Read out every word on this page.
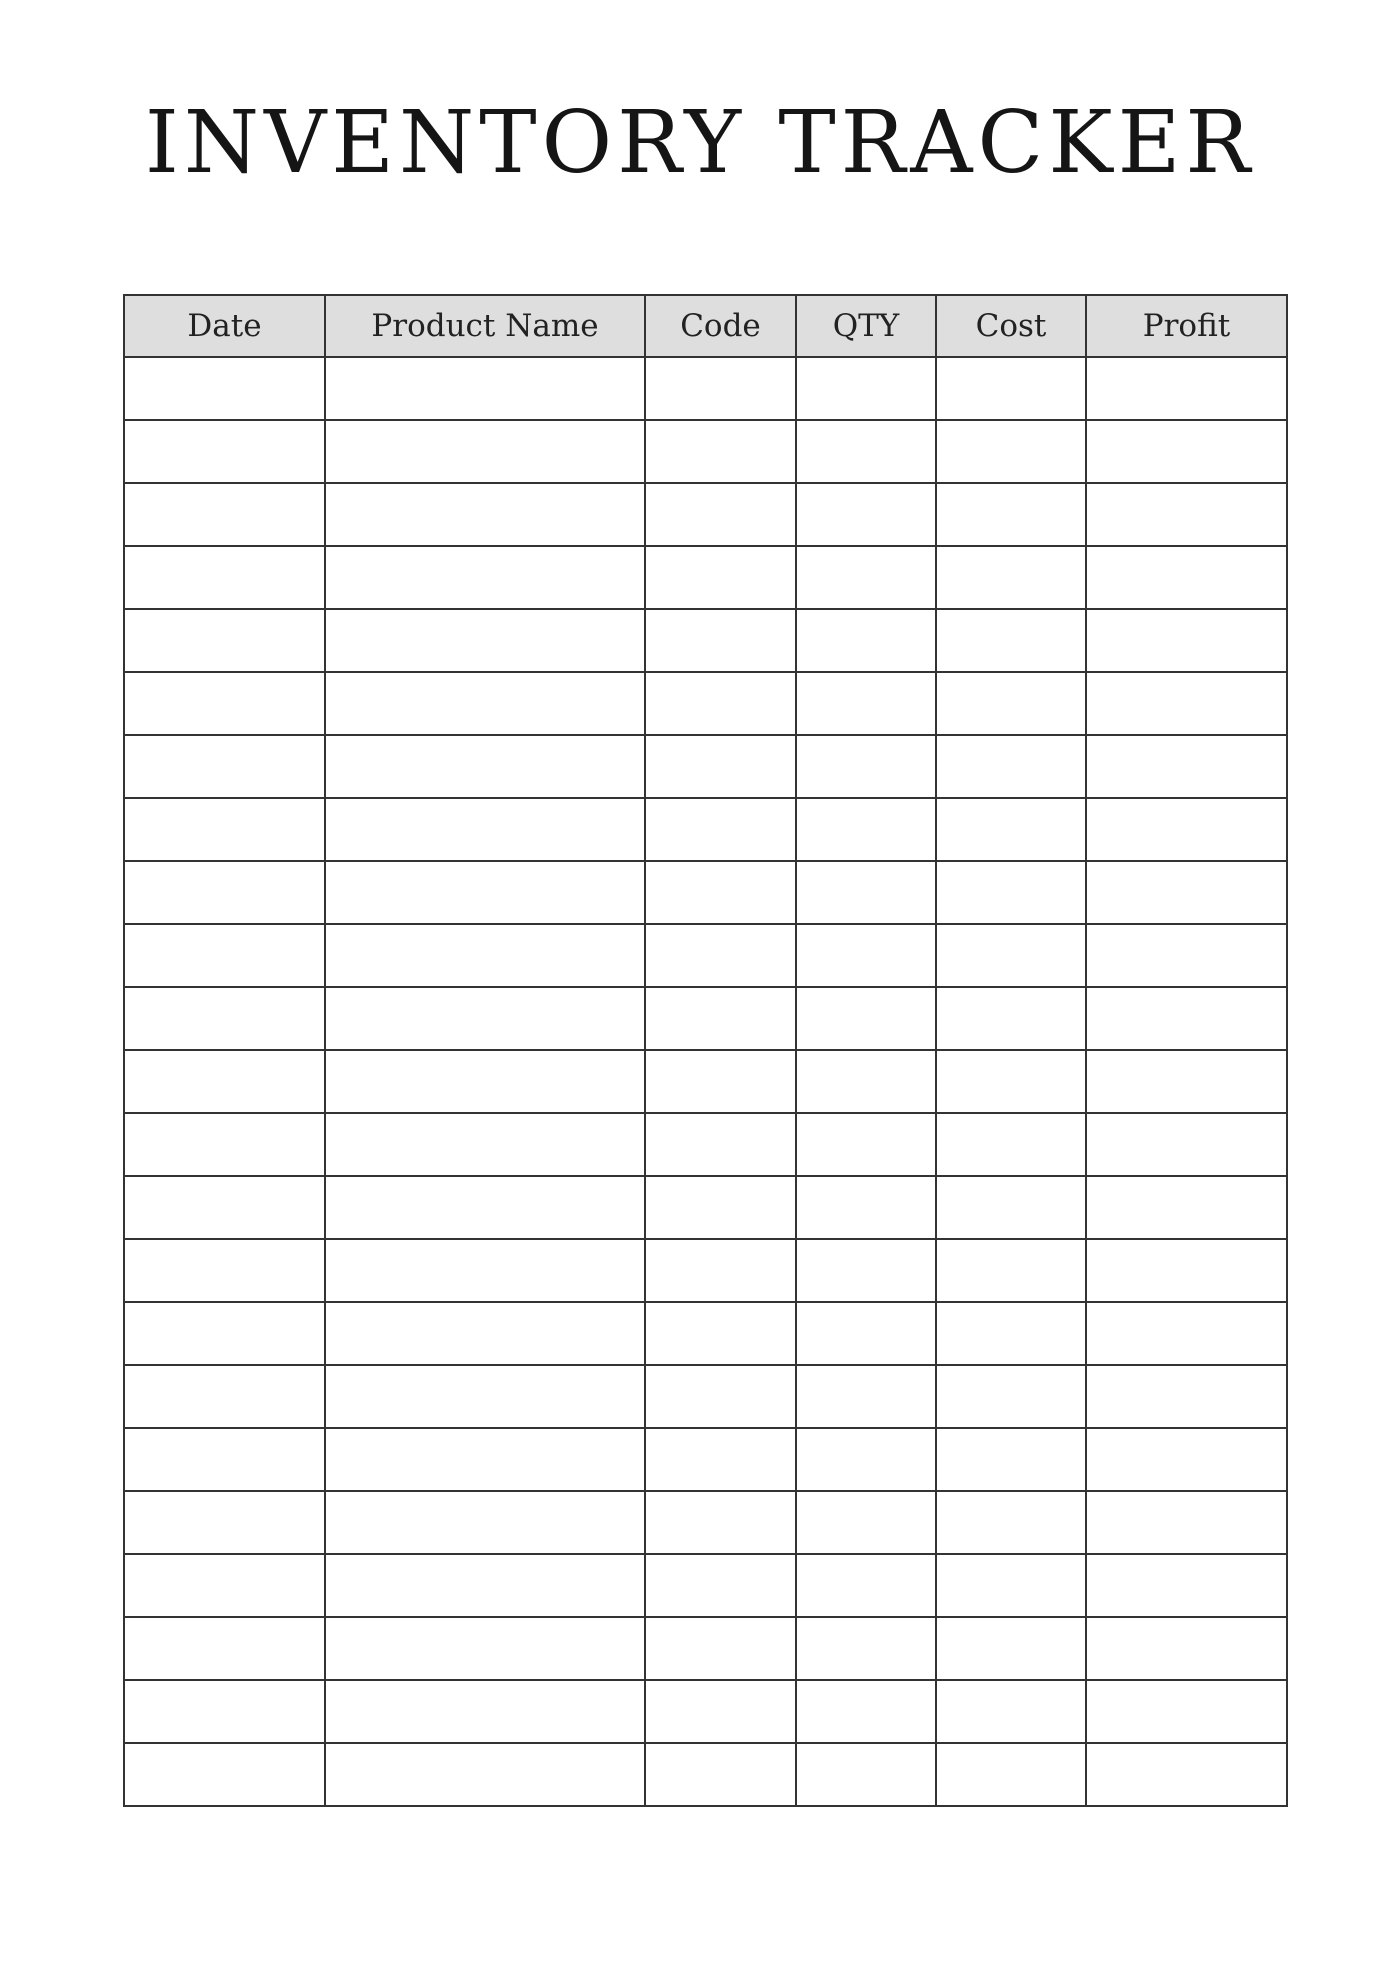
INVENTORY TRACKER
Date	Product Name	Code	QTY	Cost	Profit
